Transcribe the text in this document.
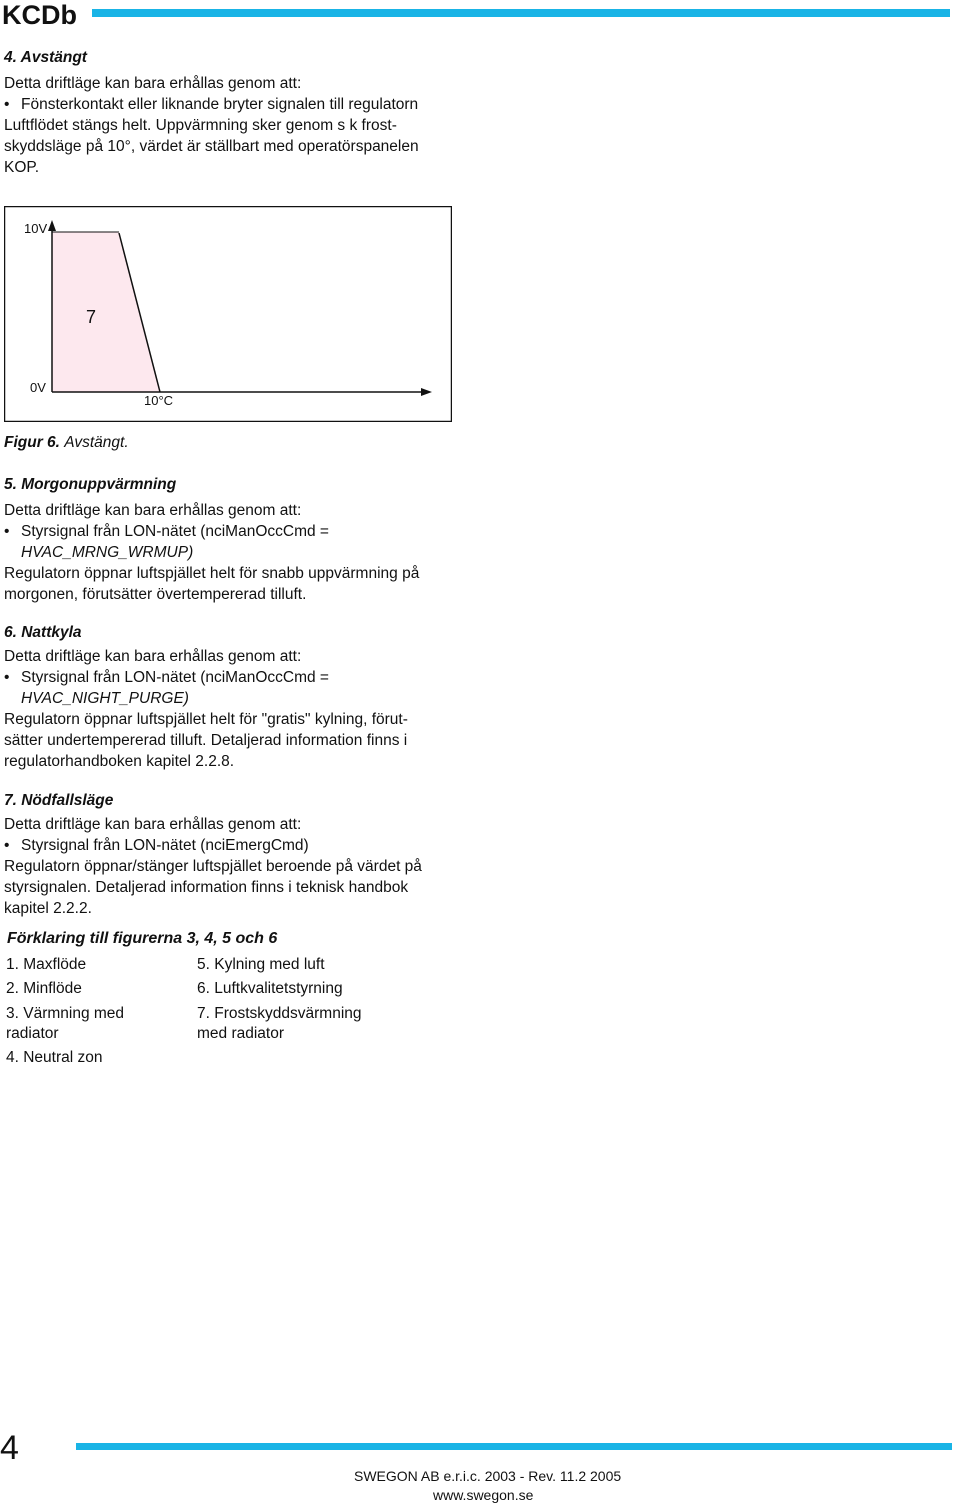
KCDb
4. Avstängt
Detta driftläge kan bara erhållas genom att:
• Fönsterkontakt eller liknande bryter signalen till regulatorn
Luftflödet stängs helt. Uppvärmning sker genom s k frost-
skyddsläge på 10°, värdet är ställbart med operatörspanelen
KOP.
10V
0V
10°C
7
Figur 6. Avstängt.
5. Morgonuppvärmning
Detta driftläge kan bara erhållas genom att:
• Styrsignal från LON-nätet (nciManOccCmd =
HVAC_MRNG_WRMUP)
Regulatorn öppnar luftspjället helt för snabb uppvärmning på
morgonen, förutsätter övertempererad tilluft.
6. Nattkyla
Detta driftläge kan bara erhållas genom att:
• Styrsignal från LON-nätet (nciManOccCmd =
HVAC_NIGHT_PURGE)
Regulatorn öppnar luftspjället helt för "gratis" kylning, förut-
sätter undertempererad tilluft. Detaljerad information finns i
regulatorhandboken kapitel 2.2.8.
7. Nödfallsläge
Detta driftläge kan bara erhållas genom att:
• Styrsignal från LON-nätet (nciEmergCmd)
Regulatorn öppnar/stänger luftspjället beroende på värdet på
styrsignalen. Detaljerad information finns i teknisk handbok
kapitel 2.2.2.
Förklaring till figurerna 3, 4, 5 och 6
1. Maxflöde
2. Minflöde
3. Värmning med
radiator
4. Neutral zon
5. Kylning med luft
6. Luftkvalitetstyrning
7. Frostskyddsvärmning
med radiator
4
SWEGON AB e.r.i.c. 2003 - Rev. 11.2 2005
www.swegon.se
